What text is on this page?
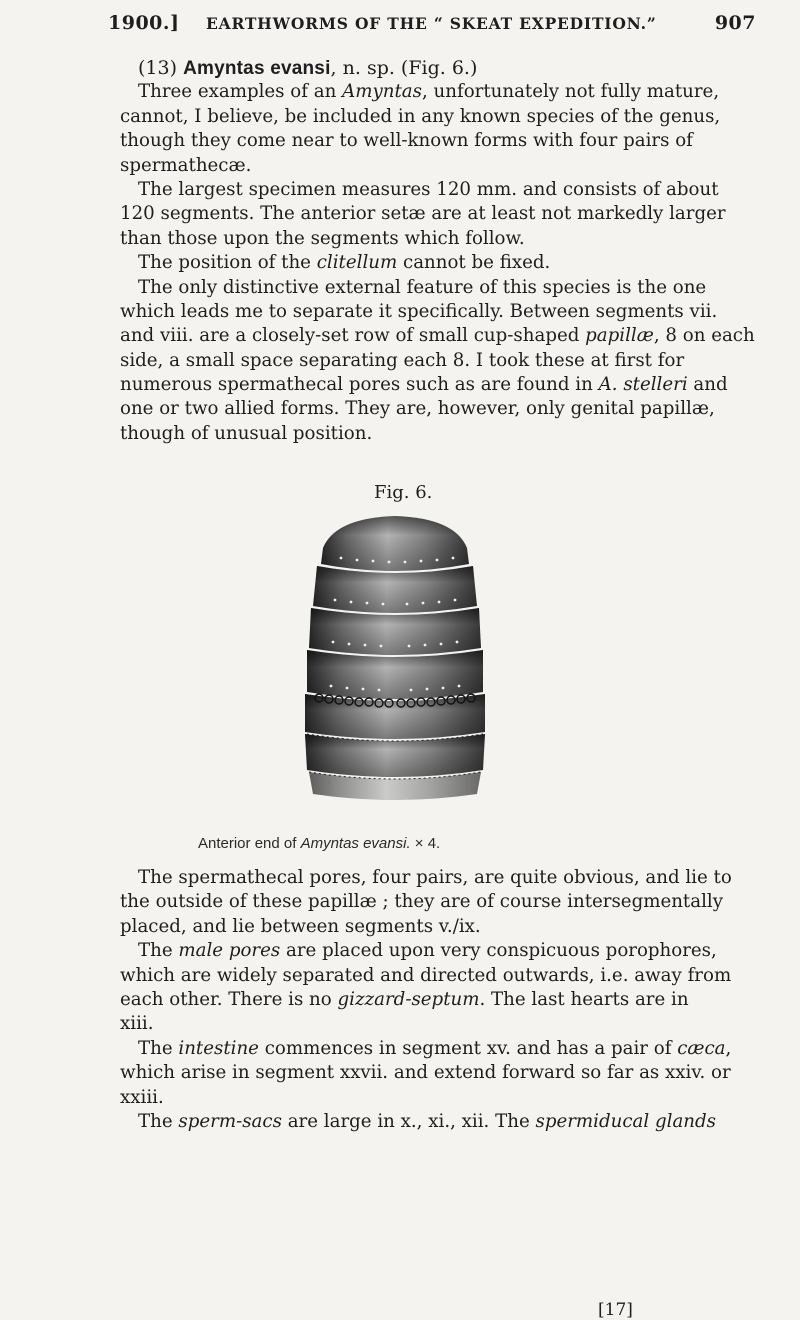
1900.] EARTHWORMS OF THE “ SKEAT EXPEDITION.”	907
(13) Amyntas evansi, n. sp. (Fig. 6.)
Three examples of an Amyntas, unfortunately not fully mature,
cannot, I believe, be included in any known species of the genus,
though they come near to well-known forms with four pairs of
spermathecæ.
The largest specimen measures 120 mm. and consists of about
120 segments. The anterior setæ are at least not markedly larger
than those upon the segments which follow.
The position of the clitellum cannot be fixed.
The only distinctive external feature of this species is the one
which leads me to separate it specifically. Between segments vii.
and viii. are a closely-set row of small cup-shaped papillæ, 8 on each
side, a small space separating each 8. I took these at first for
numerous spermathecal pores such as are found in A. stelleri and
one or two allied forms. They are, however, only genital papillæ,
though of unusual position.
Fig. 6.
Anterior end of Amyntas evansi. × 4.
The spermathecal pores, four pairs, are quite obvious, and lie to
the outside of these papillæ ; they are of course intersegmentally
placed, and lie between segments v./ix.
The male pores are placed upon very conspicuous porophores,
which are widely separated and directed outwards, i.e. away from
each other. There is no gizzard-septum. The last hearts are in
xiii.
The intestine commences in segment xv. and has a pair of cæca,
which arise in segment xxvii. and extend forward so far as xxiv. or
xxiii.
The sperm-sacs are large in x., xi., xii. The spermiducal glands
[17]
